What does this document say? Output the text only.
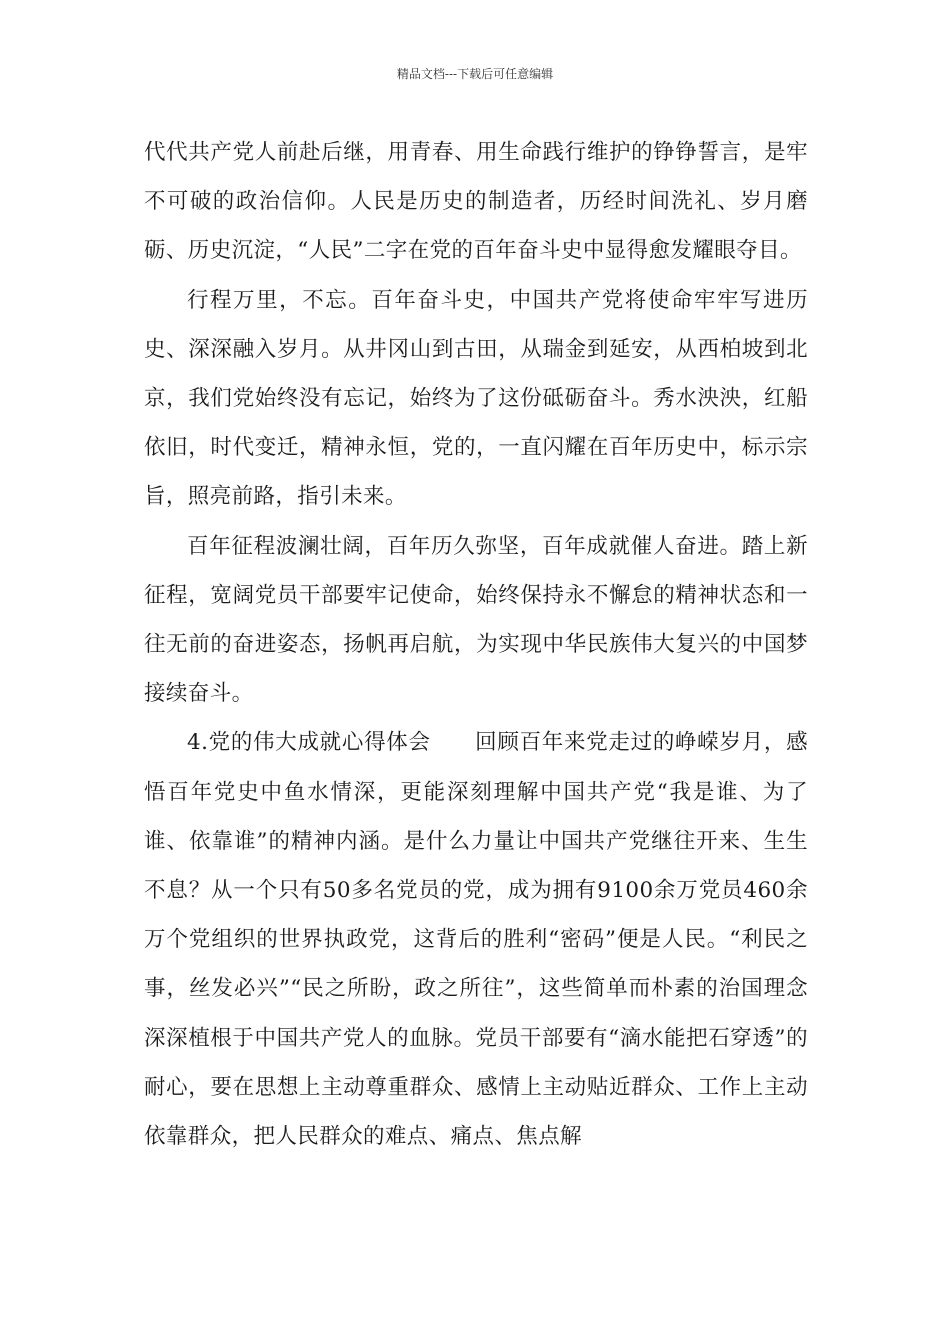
精品文档---下载后可任意编辑

代代共产党人前赴后继，用青春、用生命践行维护的铮铮誓言，是牢不可破的政治信仰。人民是历史的制造者，历经时间洗礼、岁月磨砺、历史沉淀，“人民”二字在党的百年奋斗史中显得愈发耀眼夺目。

行程万里，不忘。百年奋斗史，中国共产党将使命牢牢写进历史、深深融入岁月。从井冈山到古田，从瑞金到延安，从西柏坡到北京，我们党始终没有忘记，始终为了这份砥砺奋斗。秀水泱泱，红船依旧，时代变迁，精神永恒，党的，一直闪耀在百年历史中，标示宗旨，照亮前路，指引未来。

百年征程波澜壮阔，百年历久弥坚，百年成就催人奋进。踏上新征程，宽阔党员干部要牢记使命，始终保持永不懈怠的精神状态和一往无前的奋进姿态，扬帆再启航，为实现中华民族伟大复兴的中国梦接续奋斗。

4.党的伟大成就心得体会　　回顾百年来党走过的峥嵘岁月，感悟百年党史中鱼水情深，更能深刻理解中国共产党“我是谁、为了谁、依靠谁”的精神内涵。是什么力量让中国共产党继往开来、生生不息？从一个只有50多名党员的党，成为拥有9100余万党员460余万个党组织的世界执政党，这背后的胜利“密码”便是人民。“利民之事，丝发必兴”“民之所盼，政之所往”，这些简单而朴素的治国理念深深植根于中国共产党人的血脉。党员干部要有“滴水能把石穿透”的耐心，要在思想上主动尊重群众、感情上主动贴近群众、工作上主动依靠群众，把人民群众的难点、痛点、焦点解
